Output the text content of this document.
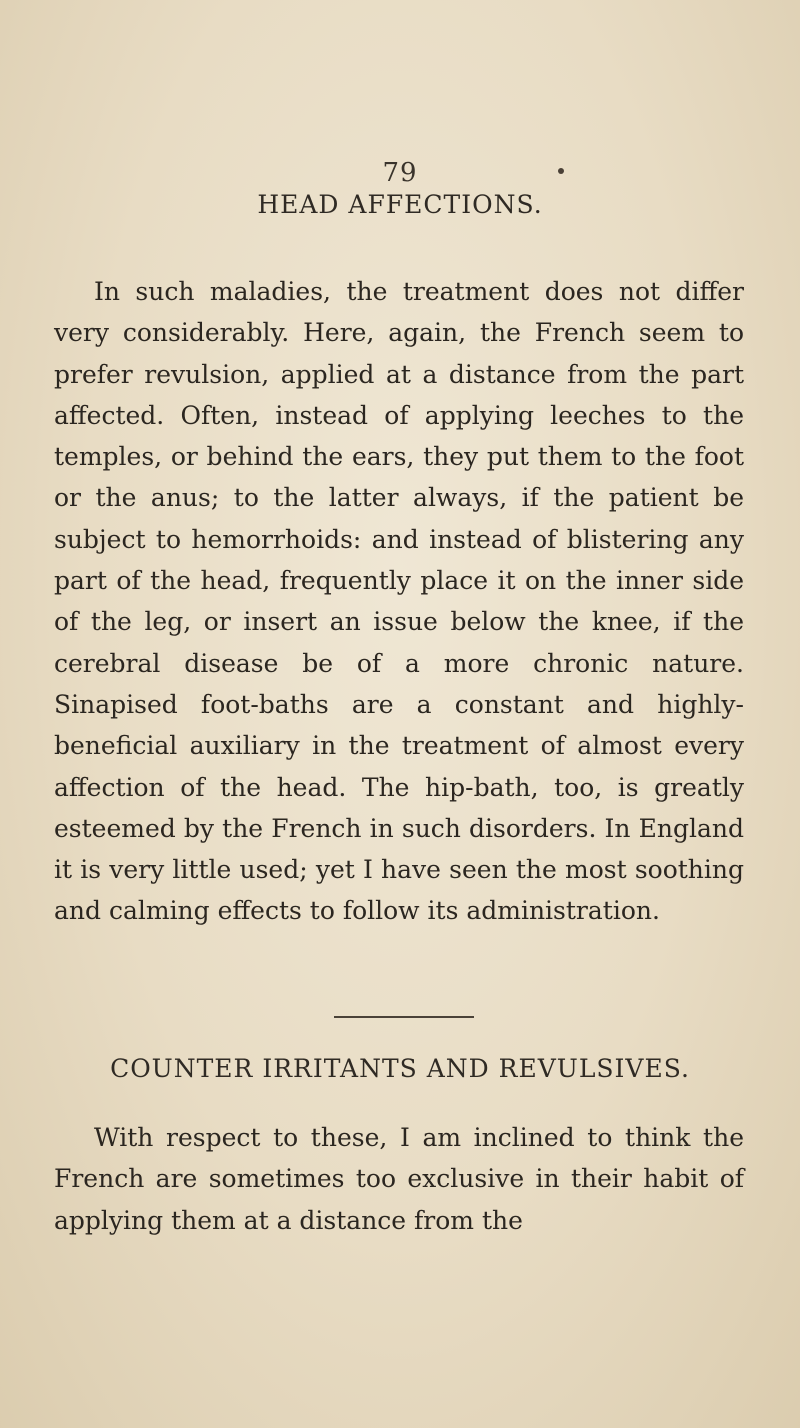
79
HEAD AFFECTIONS.

In such maladies, the treatment does not differ very considerably. Here, again, the French seem to prefer revulsion, applied at a distance from the part affected. Often, instead of applying leeches to the temples, or behind the ears, they put them to the foot or the anus; to the latter always, if the patient be subject to hemorrhoids: and instead of blistering any part of the head, frequently place it on the inner side of the leg, or insert an issue below the knee, if the cerebral disease be of a more chronic nature. Sinapised foot-baths are a constant and highly-beneficial auxiliary in the treatment of almost every affection of the head. The hip-bath, too, is greatly esteemed by the French in such disorders. In England it is very little used; yet I have seen the most soothing and calming effects to follow its administration.

COUNTER IRRITANTS AND REVULSIVES.

With respect to these, I am inclined to think the French are sometimes too exclusive in their habit of applying them at a distance from the
